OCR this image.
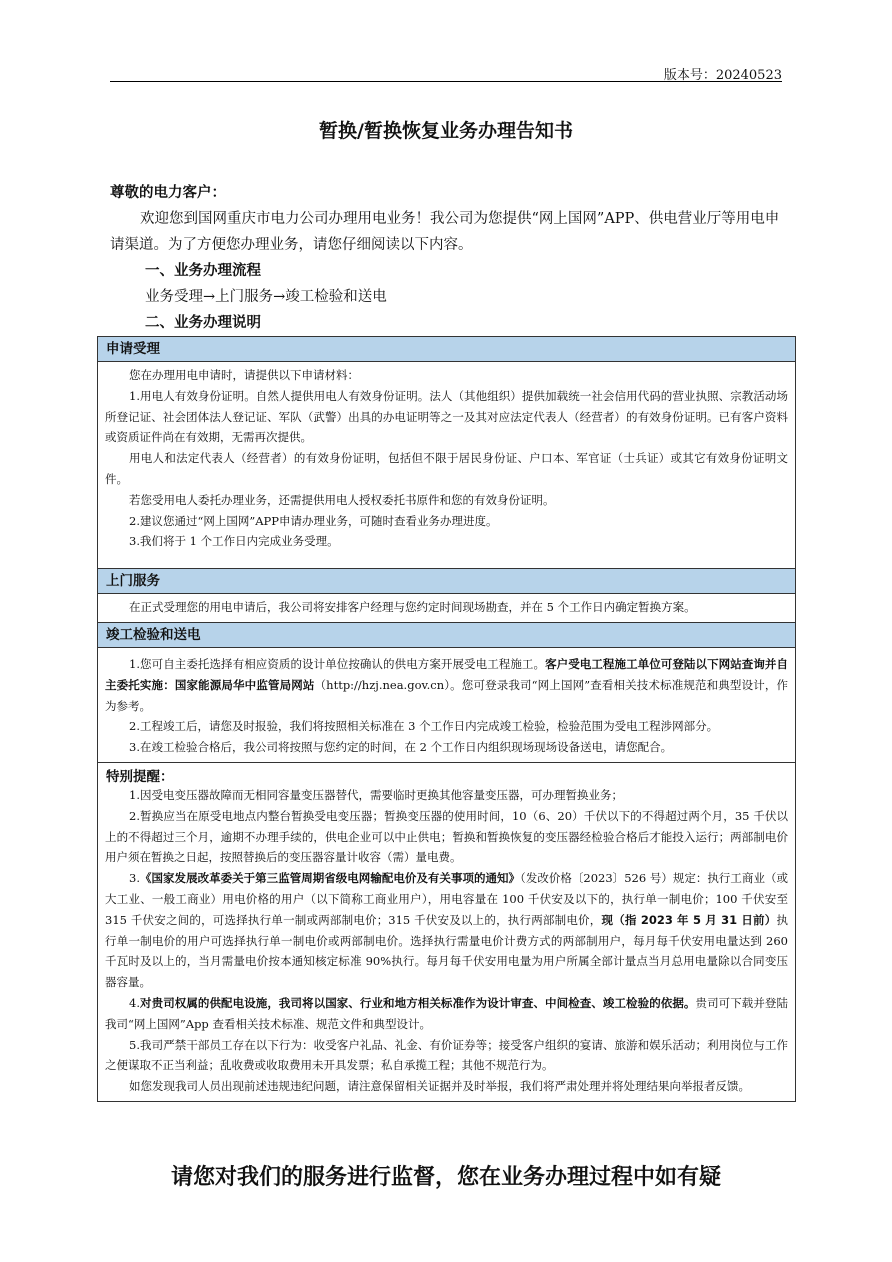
版本号：20240523
暂换/暂换恢复业务办理告知书

尊敬的电力客户：

欢迎您到国网重庆市电力公司办理用电业务！我公司为您提供“网上国网”APP、供电营业厅等用电申请渠道。为了方便您办理业务，请您仔细阅读以下内容。

一、业务办理流程

业务受理→上门服务→竣工检验和送电

二、业务办理说明

申请受理

您在办理用电申请时，请提供以下申请材料：

1.用电人有效身份证明。自然人提供用电人有效身份证明。法人（其他组织）提供加载统一社会信用代码的营业执照、宗教活动场所登记证、社会团体法人登记证、军队（武警）出具的办电证明等之一及其对应法定代表人（经营者）的有效身份证明。已有客户资料或资质证件尚在有效期，无需再次提供。

用电人和法定代表人（经营者）的有效身份证明，包括但不限于居民身份证、户口本、军官证（士兵证）或其它有效身份证明文件。

若您受用电人委托办理业务，还需提供用电人授权委托书原件和您的有效身份证明。

2.建议您通过“网上国网”APP申请办理业务，可随时查看业务办理进度。

3.我们将于 1 个工作日内完成业务受理。

上门服务

在正式受理您的用电申请后，我公司将安排客户经理与您约定时间现场勘查，并在 5 个工作日内确定暂换方案。

竣工检验和送电

1.您可自主委托选择有相应资质的设计单位按确认的供电方案开展受电工程施工。客户受电工程施工单位可登陆以下网站查询并自主委托实施：国家能源局华中监管局网站（http://hzj.nea.gov.cn）。您可登录我司“网上国网”查看相关技术标准规范和典型设计，作为参考。

2.工程竣工后，请您及时报验，我们将按照相关标准在 3 个工作日内完成竣工检验，检验范围为受电工程涉网部分。

3.在竣工检验合格后，我公司将按照与您约定的时间，在 2 个工作日内组织现场现场设备送电，请您配合。

特别提醒：

1.因受电变压器故障而无相同容量变压器替代，需要临时更换其他容量变压器，可办理暂换业务；

2.暂换应当在原受电地点内整台暂换受电变压器；暂换变压器的使用时间，10（6、20）千伏以下的不得超过两个月，35 千伏以上的不得超过三个月，逾期不办理手续的，供电企业可以中止供电；暂换和暂换恢复的变压器经检验合格后才能投入运行；两部制电价用户须在暂换之日起，按照替换后的变压器容量计收容（需）量电费。

3.《国家发展改革委关于第三监管周期省级电网输配电价及有关事项的通知》（发改价格〔2023〕526 号）规定：执行工商业（或大工业、一般工商业）用电价格的用户（以下简称工商业用户），用电容量在 100 千伏安及以下的，执行单一制电价；100 千伏安至 315 千伏安之间的，可选择执行单一制或两部制电价；315 千伏安及以上的，执行两部制电价，现（指 2023 年 5 月 31 日前）执行单一制电价的用户可选择执行单一制电价或两部制电价。选择执行需量电价计费方式的两部制用户，每月每千伏安用电量达到 260 千瓦时及以上的，当月需量电价按本通知核定标准 90%执行。每月每千伏安用电量为用户所属全部计量点当月总用电量除以合同变压器容量。

4.对贵司权属的供配电设施，我司将以国家、行业和地方相关标准作为设计审查、中间检查、竣工检验的依据。贵司可下载并登陆我司“网上国网”App 查看相关技术标准、规范文件和典型设计。

5.我司严禁干部员工存在以下行为：收受客户礼品、礼金、有价证券等；接受客户组织的宴请、旅游和娱乐活动；利用岗位与工作之便谋取不正当利益；乱收费或收取费用未开具发票；私自承揽工程；其他不规范行为。

如您发现我司人员出现前述违规违纪问题，请注意保留相关证据并及时举报，我们将严肃处理并将处理结果向举报者反馈。

请您对我们的服务进行监督，您在业务办理过程中如有疑
